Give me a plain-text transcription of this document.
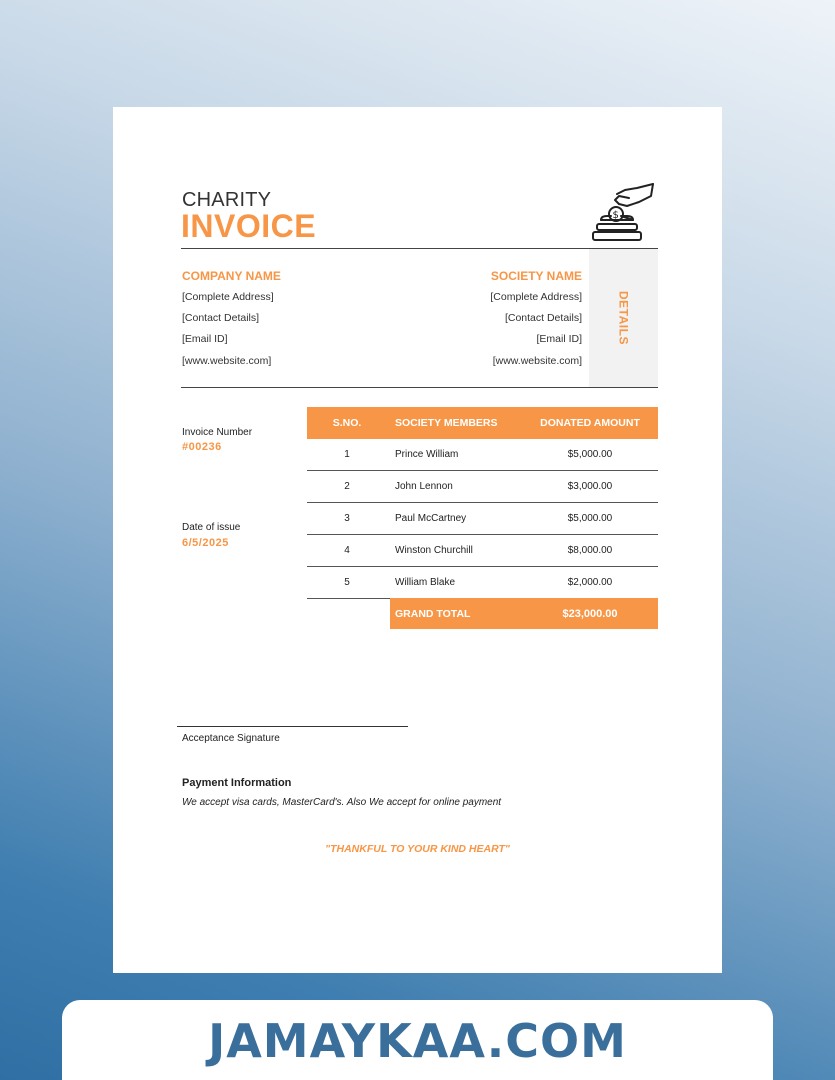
CHARITY
INVOICE	$
DETAILS
COMPANY NAME
[Complete Address]
[Contact Details]
[Email ID]
[www.website.com]
SOCIETY NAME
[Complete Address]
[Contact Details]
[Email ID]
[www.website.com]
Invoice Number
#00236
Date of issue
6/5/2025
S.NO.	SOCIETY MEMBERS	DONATED AMOUNT
1	Prince William	$5,000.00
2	John Lennon	$3,000.00
3	Paul McCartney	$5,000.00
4	Winston Churchill	$8,000.00
5	William Blake	$2,000.00
GRAND TOTAL	$23,000.00
Acceptance Signature
Payment Information
We accept visa cards, MasterCard's. Also We accept for online payment
"THANKFUL TO YOUR KIND HEART"
JAMAYKAA.COM
